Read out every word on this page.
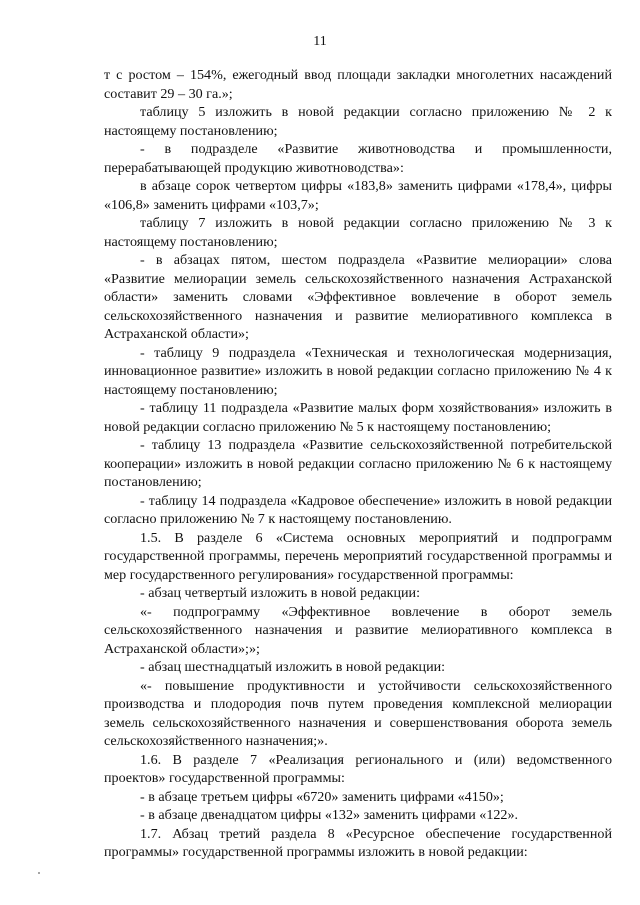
11

т с ростом – 154%, ежегодный ввод площади закладки многолетних насаждений составит 29 – 30 га.»;

таблицу 5 изложить в новой редакции согласно приложению № 2 к настоящему постановлению;

- в подразделе «Развитие животноводства и промышленности, перерабатывающей продукцию животноводства»:

в абзаце сорок четвертом цифры «183,8» заменить цифрами «178,4», цифры «106,8» заменить цифрами «103,7»;

таблицу 7 изложить в новой редакции согласно приложению № 3 к настоящему постановлению;

- в абзацах пятом, шестом подраздела «Развитие мелиорации» слова «Развитие мелиорации земель сельскохозяйственного назначения Астраханской области» заменить словами «Эффективное вовлечение в оборот земель сельскохозяйственного назначения и развитие мелиоративного комплекса в Астраханской области»;

- таблицу 9 подраздела «Техническая и технологическая модернизация, инновационное развитие» изложить в новой редакции согласно приложению № 4 к настоящему постановлению;

- таблицу 11 подраздела «Развитие малых форм хозяйствования» изложить в новой редакции согласно приложению № 5 к настоящему постановлению;

- таблицу 13 подраздела «Развитие сельскохозяйственной потребительской кооперации» изложить в новой редакции согласно приложению № 6 к настоящему постановлению;

- таблицу 14 подраздела «Кадровое обеспечение» изложить в новой редакции согласно приложению № 7 к настоящему постановлению.

1.5. В разделе 6 «Система основных мероприятий и подпрограмм государственной программы, перечень мероприятий государственной программы и мер государственного регулирования» государственной программы:

- абзац четвертый изложить в новой редакции:

«- подпрограмму «Эффективное вовлечение в оборот земель сельскохозяйственного назначения и развитие мелиоративного комплекса в Астраханской области»;»;

- абзац шестнадцатый изложить в новой редакции:

«- повышение продуктивности и устойчивости сельскохозяйственного производства и плодородия почв путем проведения комплексной мелиорации земель сельскохозяйственного назначения и совершенствования оборота земель сельскохозяйственного назначения;».

1.6. В разделе 7 «Реализация регионального и (или) ведомственного проектов» государственной программы:

- в абзаце третьем цифры «6720» заменить цифрами «4150»;

- в абзаце двенадцатом цифры «132» заменить цифрами «122».

1.7. Абзац третий раздела 8 «Ресурсное обеспечение государственной программы» государственной программы изложить в новой редакции:
